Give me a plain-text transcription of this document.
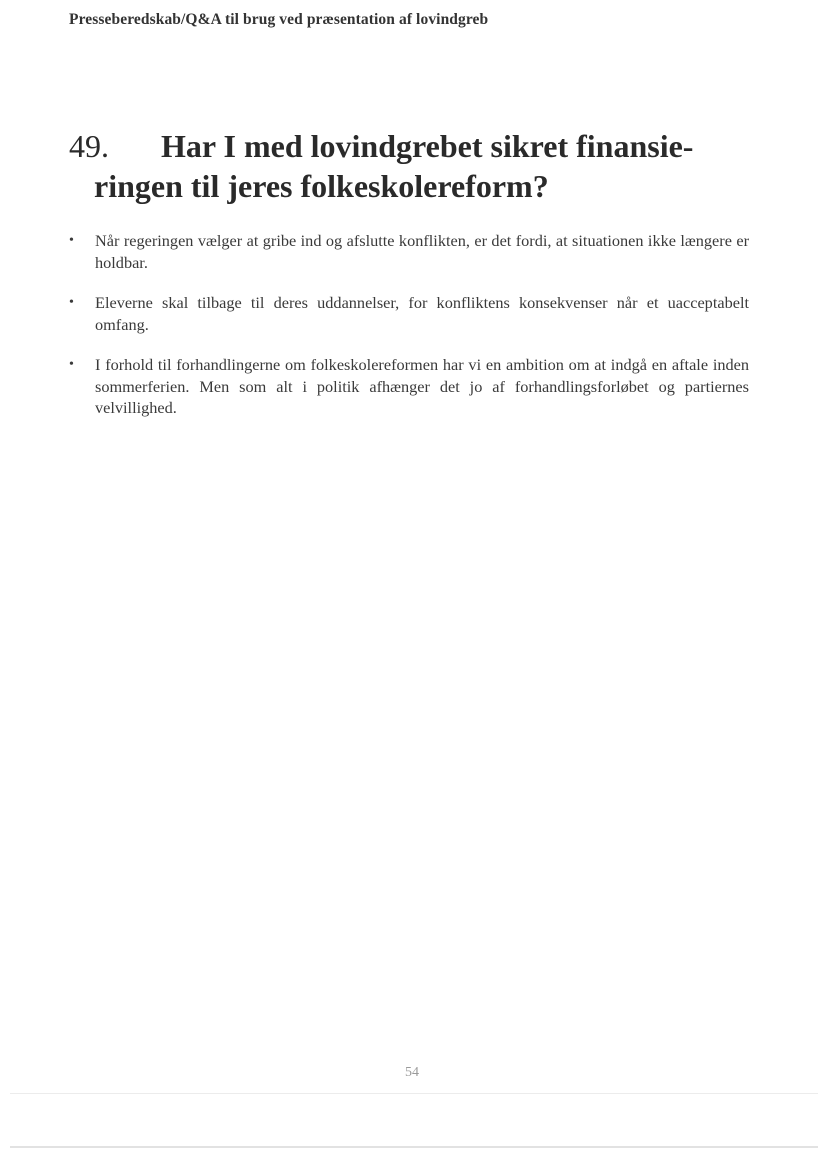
Presseberedskab/Q&A til brug ved præsentation af lovindgreb
49. Har I med lovindgrebet sikret finansie-
ringen til jeres folkeskolereform?
• Når regeringen vælger at gribe ind og afslutte konflikten, er det fordi, at situationen ikke længere er holdbar.
• Eleverne skal tilbage til deres uddannelser, for konfliktens konsekvenser når et uacceptabelt omfang.
• I forhold til forhandlingerne om folkeskolereformen har vi en ambition om at indgå en aftale inden sommerferien. Men som alt i politik afhænger det jo af forhandlingsforløbet og partiernes velvillighed.
54
